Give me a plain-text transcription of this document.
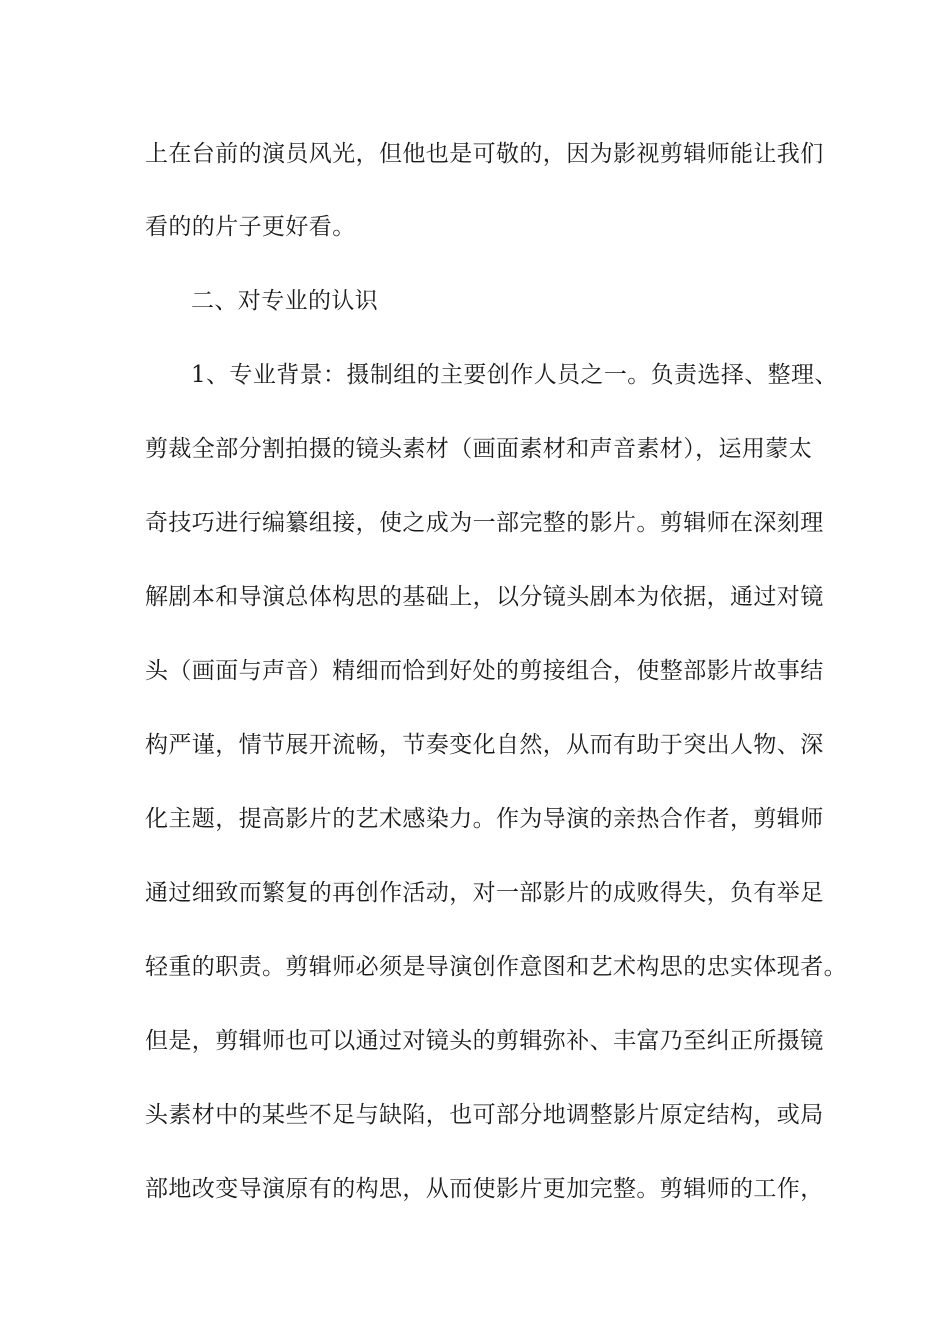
上在台前的演员风光，但他也是可敬的，因为影视剪辑师能让我们
看的的片子更好看。
二、对专业的认识
1、专业背景：摄制组的主要创作人员之一。负责选择、整理、
剪裁全部分割拍摄的镜头素材（画面素材和声音素材），运用蒙太
奇技巧进行编纂组接，使之成为一部完整的影片。剪辑师在深刻理
解剧本和导演总体构思的基础上，以分镜头剧本为依据，通过对镜
头（画面与声音）精细而恰到好处的剪接组合，使整部影片故事结
构严谨，情节展开流畅，节奏变化自然，从而有助于突出人物、深
化主题，提高影片的艺术感染力。作为导演的亲热合作者，剪辑师
通过细致而繁复的再创作活动，对一部影片的成败得失，负有举足
轻重的职责。剪辑师必须是导演创作意图和艺术构思的忠实体现者。
但是，剪辑师也可以通过对镜头的剪辑弥补、丰富乃至纠正所摄镜
头素材中的某些不足与缺陷，也可部分地调整影片原定结构，或局
部地改变导演原有的构思，从而使影片更加完整。剪辑师的工作，
